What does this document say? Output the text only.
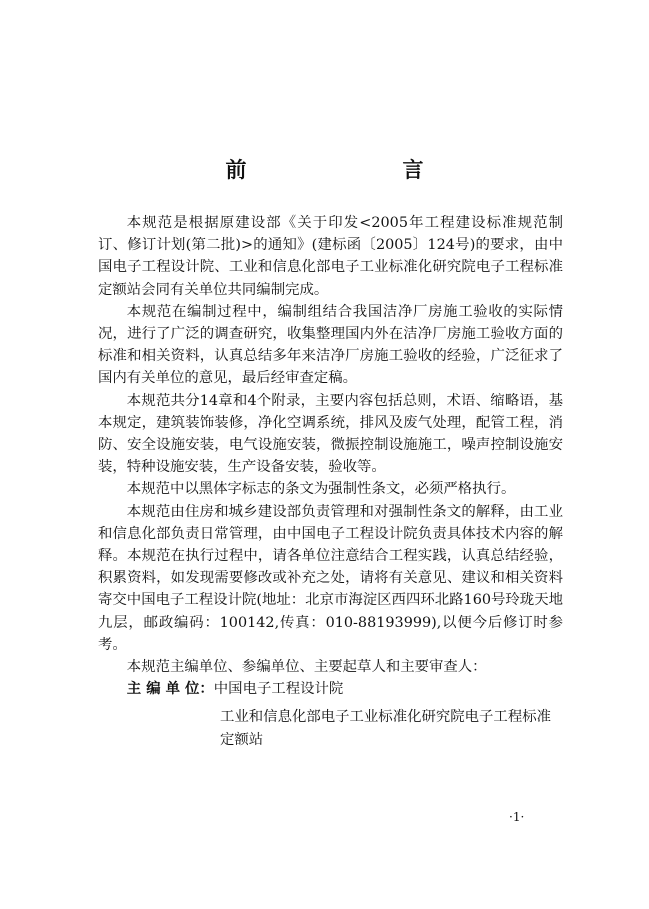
前　　言

本规范是根据原建设部《关于印发<2005年工程建设标准规范制订、修订计划(第二批)>的通知》(建标函〔2005〕124号)的要求，由中国电子工程设计院、工业和信息化部电子工业标准化研究院电子工程标准定额站会同有关单位共同编制完成。

本规范在编制过程中，编制组结合我国洁净厂房施工验收的实际情况，进行了广泛的调查研究，收集整理国内外在洁净厂房施工验收方面的标准和相关资料，认真总结多年来洁净厂房施工验收的经验，广泛征求了国内有关单位的意见，最后经审查定稿。

本规范共分14章和4个附录，主要内容包括总则，术语、缩略语，基本规定，建筑装饰装修，净化空调系统，排风及废气处理，配管工程，消防、安全设施安装，电气设施安装，微振控制设施施工，噪声控制设施安装，特种设施安装，生产设备安装，验收等。

本规范中以黑体字标志的条文为强制性条文，必须严格执行。

本规范由住房和城乡建设部负责管理和对强制性条文的解释，由工业和信息化部负责日常管理，由中国电子工程设计院负责具体技术内容的解释。本规范在执行过程中，请各单位注意结合工程实践，认真总结经验，积累资料，如发现需要修改或补充之处，请将有关意见、建议和相关资料寄交中国电子工程设计院(地址：北京市海淀区西四环北路160号玲珑天地九层，邮政编码：100142,传真：010-88193999),以便今后修订时参考。

本规范主编单位、参编单位、主要起草人和主要审查人：

主 编 单 位： 中国电子工程设计院

工业和信息化部电子工业标准化研究院电子工程标准定额站

·1·
